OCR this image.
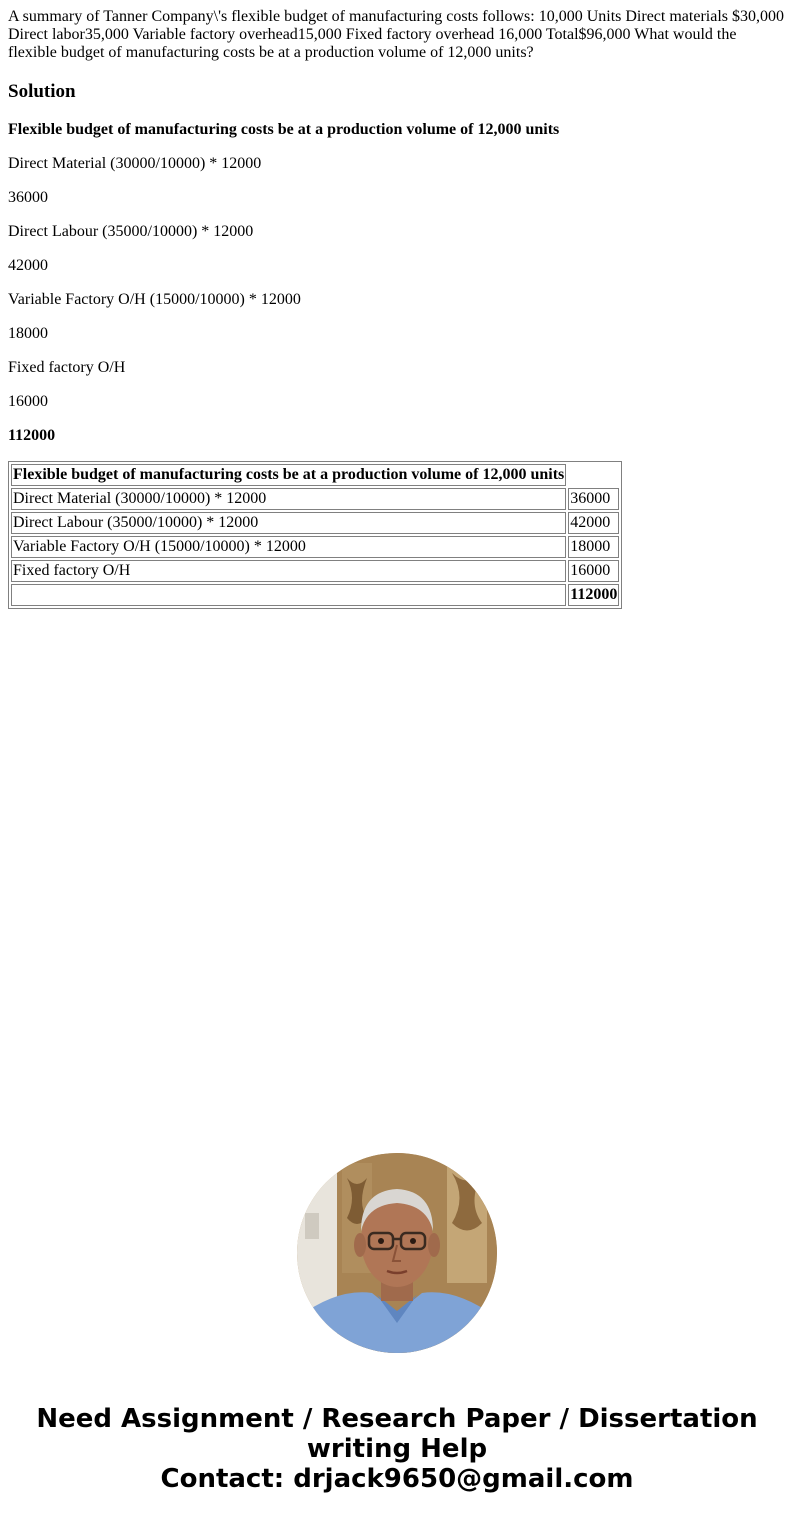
A summary of Tanner Company\'s flexible budget of manufacturing costs follows: 10,000 Units Direct materials $30,000 Direct labor35,000 Variable factory overhead15,000 Fixed factory overhead 16,000 Total$96,000 What would the flexible budget of manufacturing costs be at a production volume of 12,000 units?

Solution

Flexible budget of manufacturing costs be at a production volume of 12,000 units

Direct Material (30000/10000) * 12000

36000

Direct Labour (35000/10000) * 12000

42000

Variable Factory O/H (15000/10000) * 12000

18000

Fixed factory O/H

16000

112000

Flexible budget of manufacturing costs be at a production volume of 12,000 units	
Direct Material (30000/10000) * 12000	36000
Direct Labour (35000/10000) * 12000	42000
Variable Factory O/H (15000/10000) * 12000	18000
Fixed factory O/H	16000
	112000
Need Assignment / Research Paper / Dissertation
writing Help
Contact: drjack9650@gmail.com
